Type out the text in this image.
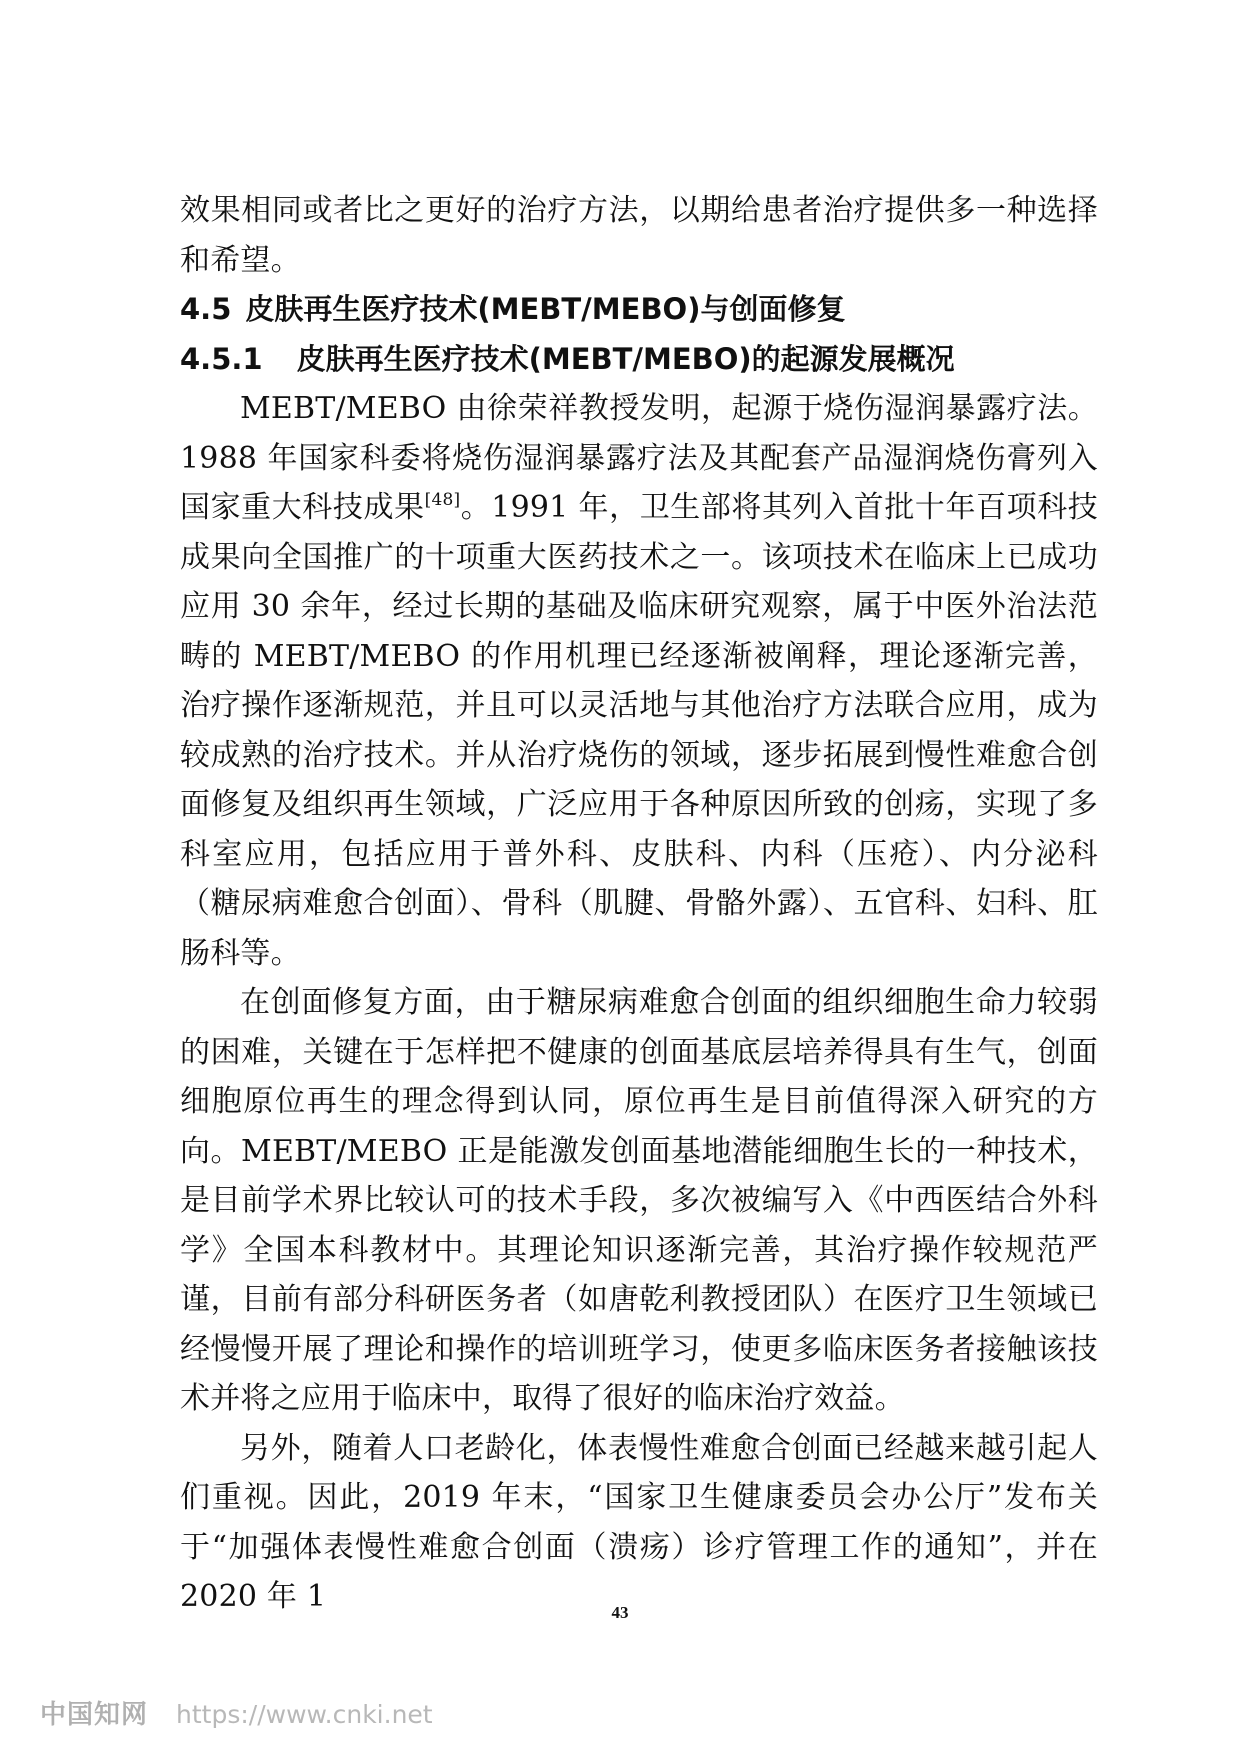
效果相同或者比之更好的治疗方法，以期给患者治疗提供多一种选择和希望。

4.5 皮肤再生医疗技术(MEBT/MEBO)与创面修复
4.5.1 皮肤再生医疗技术(MEBT/MEBO)的起源发展概况

MEBT/MEBO 由徐荣祥教授发明，起源于烧伤湿润暴露疗法。1988 年国家科委将烧伤湿润暴露疗法及其配套产品湿润烧伤膏列入国家重大科技成果[48]。1991 年，卫生部将其列入首批十年百项科技成果向全国推广的十项重大医药技术之一。该项技术在临床上已成功应用 30 余年，经过长期的基础及临床研究观察，属于中医外治法范畴的 MEBT/MEBO 的作用机理已经逐渐被阐释，理论逐渐完善，治疗操作逐渐规范，并且可以灵活地与其他治疗方法联合应用，成为较成熟的治疗技术。并从治疗烧伤的领域，逐步拓展到慢性难愈合创面修复及组织再生领域，广泛应用于各种原因所致的创疡，实现了多科室应用，包括应用于普外科、皮肤科、内科（压疮）、内分泌科（糖尿病难愈合创面）、骨科（肌腱、骨骼外露）、五官科、妇科、肛肠科等。

在创面修复方面，由于糖尿病难愈合创面的组织细胞生命力较弱的困难，关键在于怎样把不健康的创面基底层培养得具有生气，创面细胞原位再生的理念得到认同，原位再生是目前值得深入研究的方向。MEBT/MEBO 正是能激发创面基地潜能细胞生长的一种技术，是目前学术界比较认可的技术手段，多次被编写入《中西医结合外科学》全国本科教材中。其理论知识逐渐完善，其治疗操作较规范严谨，目前有部分科研医务者（如唐乾利教授团队）在医疗卫生领域已经慢慢开展了理论和操作的培训班学习，使更多临床医务者接触该技术并将之应用于临床中，取得了很好的临床治疗效益。

另外，随着人口老龄化，体表慢性难愈合创面已经越来越引起人们重视。因此，2019 年末，“国家卫生健康委员会办公厅”发布关于“加强体表慢性难愈合创面（溃疡）诊疗管理工作的通知”，并在 2020 年 1	43
中国知网 https://www.cnki.net
